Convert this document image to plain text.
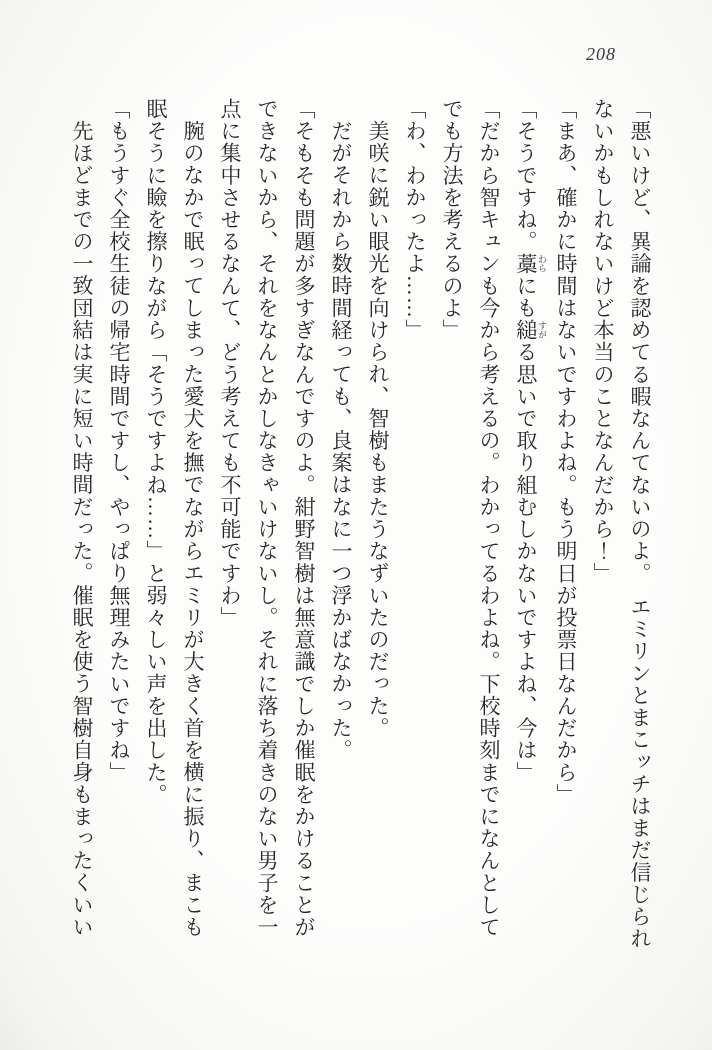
208
「悪いけど、異論を認めてる暇なんてないのよ。　エミリンとまこッチはまだ信じられ
ないかもしれないけど本当のことなんだから！」
「まあ、確かに時間はないですわよね。もう明日が投票日なんだから」
「そうですね。藁 わらにも縋 すがる思いで取り組むしかないですよね、今は」
「だから智キュンも今から考えるの。わかってるわよね。下校時刻までになんとして
でも方法を考えるのよ」
「わ、わかったよ……」
美咲に鋭い眼光を向けられ、智樹もまたうなずいたのだった。
だがそれから数時間経っても、良案はなに一つ浮かばなかった。
「そもそも問題が多すぎなんですのよ。紺野智樹は無意識でしか催眠をかけることが
できないから、それをなんとかしなきゃいけないし。それに落ち着きのない男子を一
点に集中させるなんて、どう考えても不可能ですわ」
腕のなかで眠ってしまった愛犬を撫でながらエミリが大きく首を横に振り、まこも
眠そうに瞼を擦りながら「そうですよね……」と弱々しい声を出した。
「もうすぐ全校生徒の帰宅時間ですし、やっぱり無理みたいですね」
先ほどまでの一致団結は実に短い時間だった。催眠を使う智樹自身もまったくいい
